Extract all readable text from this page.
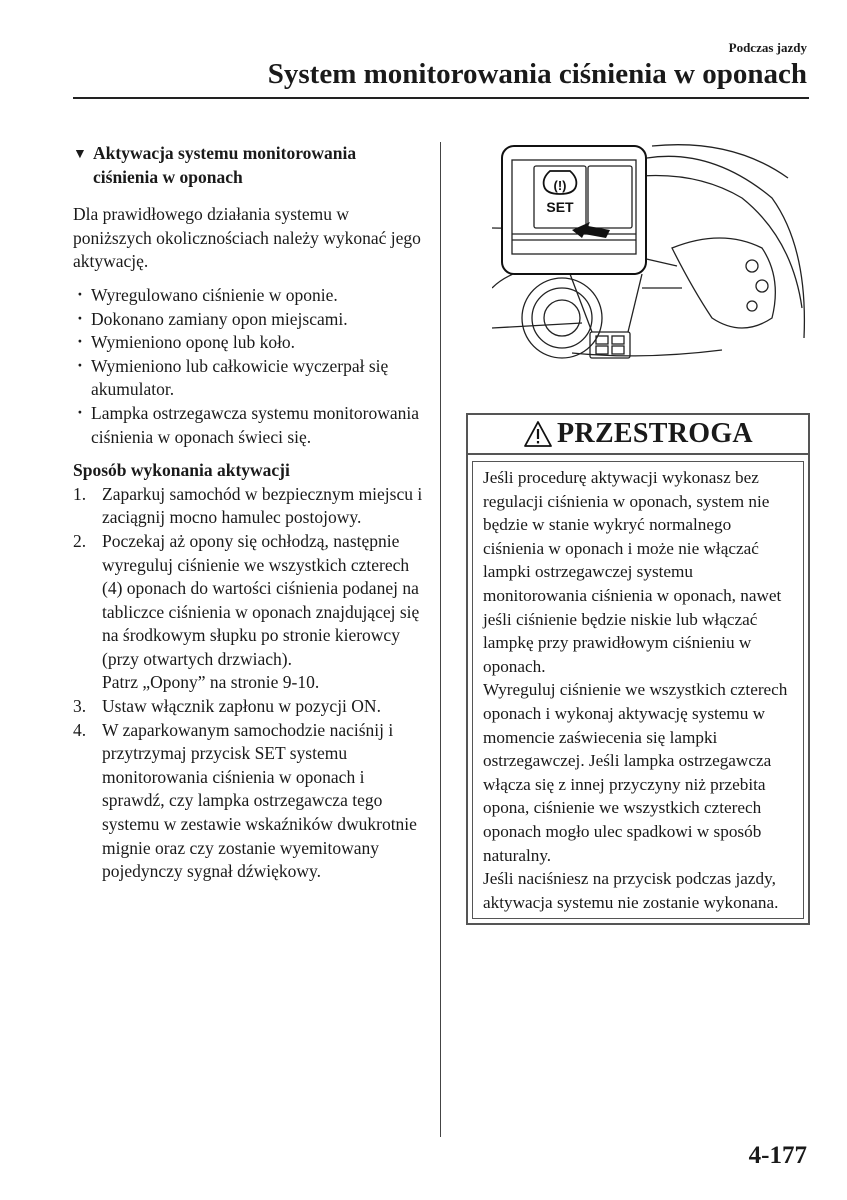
Podczas jazdy
System monitorowania ciśnienia w oponach
▼ Aktywacja systemu monitorowania ciśnienia w oponach

Dla prawidłowego działania systemu w poniższych okolicznościach należy wykonać jego aktywację.

· Wyregulowano ciśnienie w oponie.
· Dokonano zamiany opon miejscami.
· Wymieniono oponę lub koło.
· Wymieniono lub całkowicie wyczerpał się akumulator.
· Lampka ostrzegawcza systemu monitorowania ciśnienia w oponach świeci się.
Sposób wykonania aktywacji
1. Zaparkuj samochód w bezpiecznym miejscu i zaciągnij mocno hamulec postojowy.
2. Poczekaj aż opony się ochłodzą, następnie wyreguluj ciśnienie we wszystkich czterech (4) oponach do wartości ciśnienia podanej na tabliczce ciśnienia w oponach znajdującej się na środkowym słupku po stronie kierowcy (przy otwartych drzwiach).
Patrz „Opony” na stronie 9-10.
3. Ustaw włącznik zapłonu w pozycji ON.
4. W zaparkowanym samochodzie naciśnij i przytrzymaj przycisk SET systemu monitorowania ciśnienia w oponach i sprawdź, czy lampka ostrzegawcza tego systemu w zestawie wskaźników dwukrotnie mignie oraz czy zostanie wyemitowany pojedynczy sygnał dźwiękowy.
(!)
SET
PRZESTROGA

Jeśli procedurę aktywacji wykonasz bez regulacji ciśnienia w oponach, system nie będzie w stanie wykryć normalnego ciśnienia w oponach i może nie włączać lampki ostrzegawczej systemu monitorowania ciśnienia w oponach, nawet jeśli ciśnienie będzie niskie lub włączać lampkę przy prawidłowym ciśnieniu w oponach.

Wyreguluj ciśnienie we wszystkich czterech oponach i wykonaj aktywację systemu w momencie zaświecenia się lampki ostrzegawczej. Jeśli lampka ostrzegawcza włącza się z innej przyczyny niż przebita opona, ciśnienie we wszystkich czterech oponach mogło ulec spadkowi w sposób naturalny.

Jeśli naciśniesz na przycisk podczas jazdy, aktywacja systemu nie zostanie wykonana.

4-177
